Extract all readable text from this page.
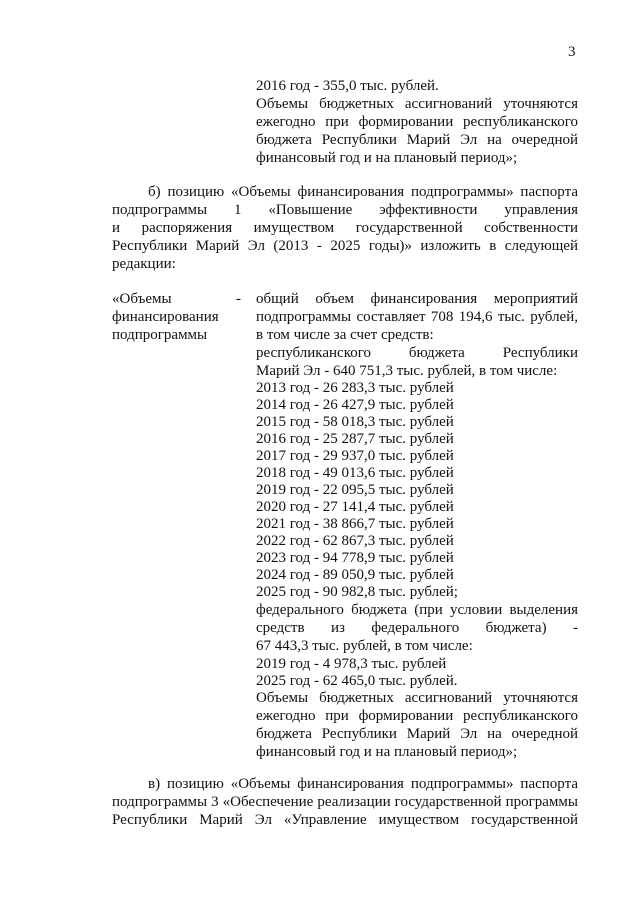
3
2016 год - 355,0 тыс. рублей.
Объемы бюджетных ассигнований уточняются
ежегодно при формировании республиканского
бюджета Республики Марий Эл на очередной
финансовый год и на плановый период»;
б) позицию «Объемы финансирования подпрограммы» паспорта
подпрограммы 1 «Повышение эффективности управления
и распоряжения имуществом государственной собственности
Республики Марий Эл (2013 - 2025 годы)» изложить в следующей
редакции:
«Объемы
финансирования
подпрограммы
- общий объем финансирования мероприятий
подпрограммы составляет 708 194,6 тыс. рублей,
в том числе за счет средств:
республиканского бюджета Республики
Марий Эл - 640 751,3 тыс. рублей, в том числе:
2013 год - 26 283,3 тыс. рублей
2014 год - 26 427,9 тыс. рублей
2015 год - 58 018,3 тыс. рублей
2016 год - 25 287,7 тыс. рублей
2017 год - 29 937,0 тыс. рублей
2018 год - 49 013,6 тыс. рублей
2019 год - 22 095,5 тыс. рублей
2020 год - 27 141,4 тыс. рублей
2021 год - 38 866,7 тыс. рублей
2022 год - 62 867,3 тыс. рублей
2023 год - 94 778,9 тыс. рублей
2024 год - 89 050,9 тыс. рублей
2025 год - 90 982,8 тыс. рублей;
федерального бюджета (при условии выделения
средств из федерального бюджета) -
67 443,3 тыс. рублей, в том числе:
2019 год - 4 978,3 тыс. рублей
2025 год - 62 465,0 тыс. рублей.
Объемы бюджетных ассигнований уточняются
ежегодно при формировании республиканского
бюджета Республики Марий Эл на очередной
финансовый год и на плановый период»;
в) позицию «Объемы финансирования подпрограммы» паспорта
подпрограммы 3 «Обеспечение реализации государственной программы
Республики Марий Эл «Управление имуществом государственной
